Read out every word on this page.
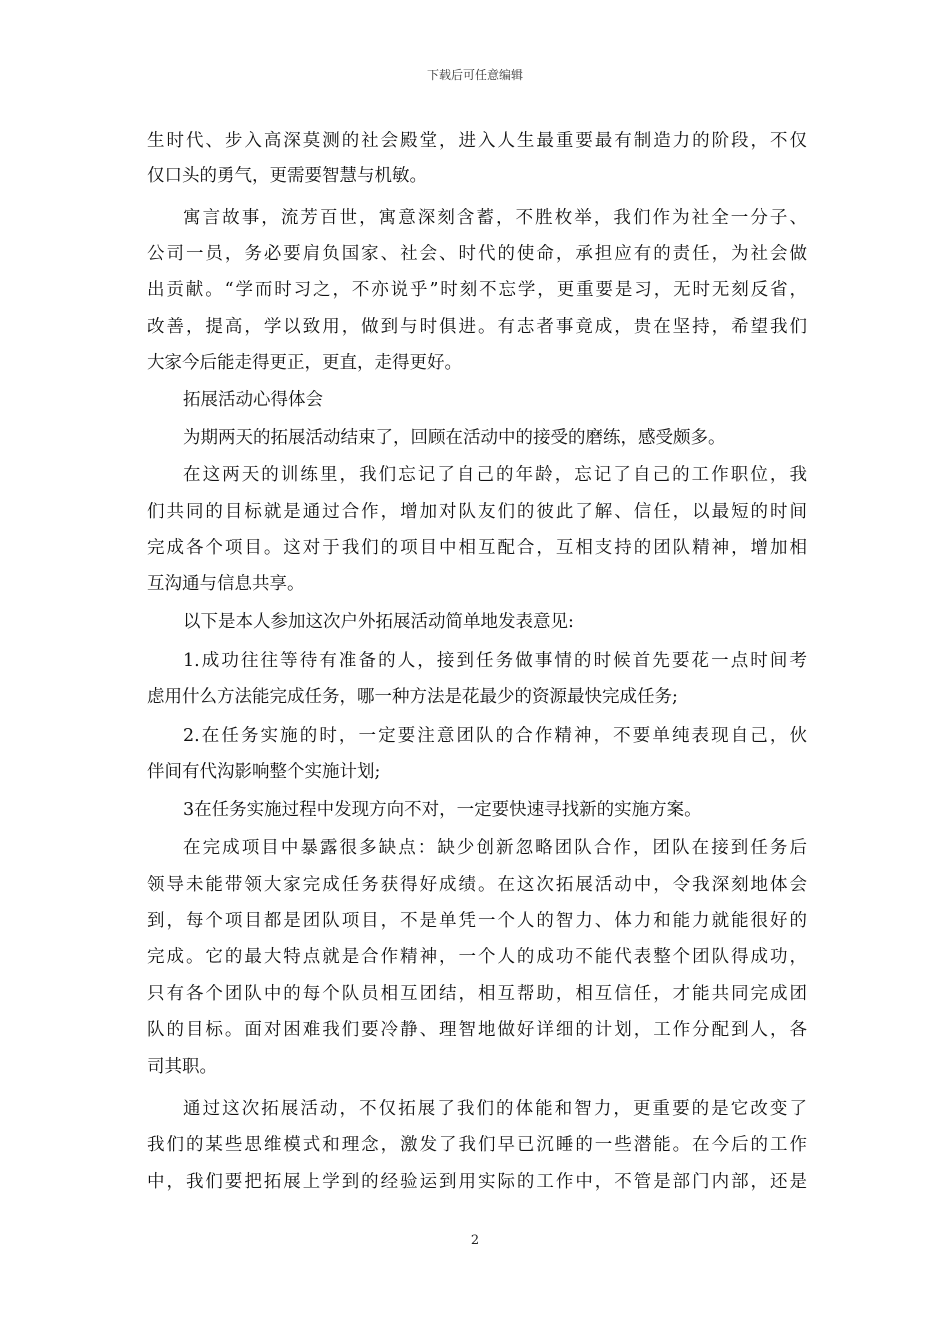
下载后可任意编辑
生时代、步入高深莫测的社会殿堂，进入人生最重要最有制造力的阶段，不仅
仅口头的勇气，更需要智慧与机敏。
寓言故事，流芳百世，寓意深刻含蓄，不胜枚举，我们作为社全一分子、
公司一员，务必要肩负国家、社会、时代的使命，承担应有的责任，为社会做
出贡献。“学而时习之，不亦说乎”时刻不忘学，更重要是习，无时无刻反省，
改善，提高，学以致用，做到与时俱进。有志者事竟成，贵在坚持，希望我们
大家今后能走得更正，更直，走得更好。
拓展活动心得体会
为期两天的拓展活动结束了，回顾在活动中的接受的磨练，感受颇多。
在这两天的训练里，我们忘记了自己的年龄，忘记了自己的工作职位，我
们共同的目标就是通过合作，增加对队友们的彼此了解、信任，以最短的时间
完成各个项目。这对于我们的项目中相互配合，互相支持的团队精神，增加相
互沟通与信息共享。
以下是本人参加这次户外拓展活动简单地发表意见:
1.成功往往等待有准备的人，接到任务做事情的时候首先要花一点时间考
虑用什么方法能完成任务，哪一种方法是花最少的资源最快完成任务;
2.在任务实施的时，一定要注意团队的合作精神，不要单纯表现自己，伙
伴间有代沟影响整个实施计划;
3在任务实施过程中发现方向不对，一定要快速寻找新的实施方案。
在完成项目中暴露很多缺点：缺少创新忽略团队合作，团队在接到任务后
领导未能带领大家完成任务获得好成绩。在这次拓展活动中，令我深刻地体会
到，每个项目都是团队项目，不是单凭一个人的智力、体力和能力就能很好的
完成。它的最大特点就是合作精神，一个人的成功不能代表整个团队得成功，
只有各个团队中的每个队员相互团结，相互帮助，相互信任，才能共同完成团
队的目标。面对困难我们要冷静、理智地做好详细的计划，工作分配到人，各
司其职。
通过这次拓展活动，不仅拓展了我们的体能和智力，更重要的是它改变了
我们的某些思维模式和理念，激发了我们早已沉睡的一些潜能。在今后的工作
中，我们要把拓展上学到的经验运到用实际的工作中，不管是部门内部，还是
2
